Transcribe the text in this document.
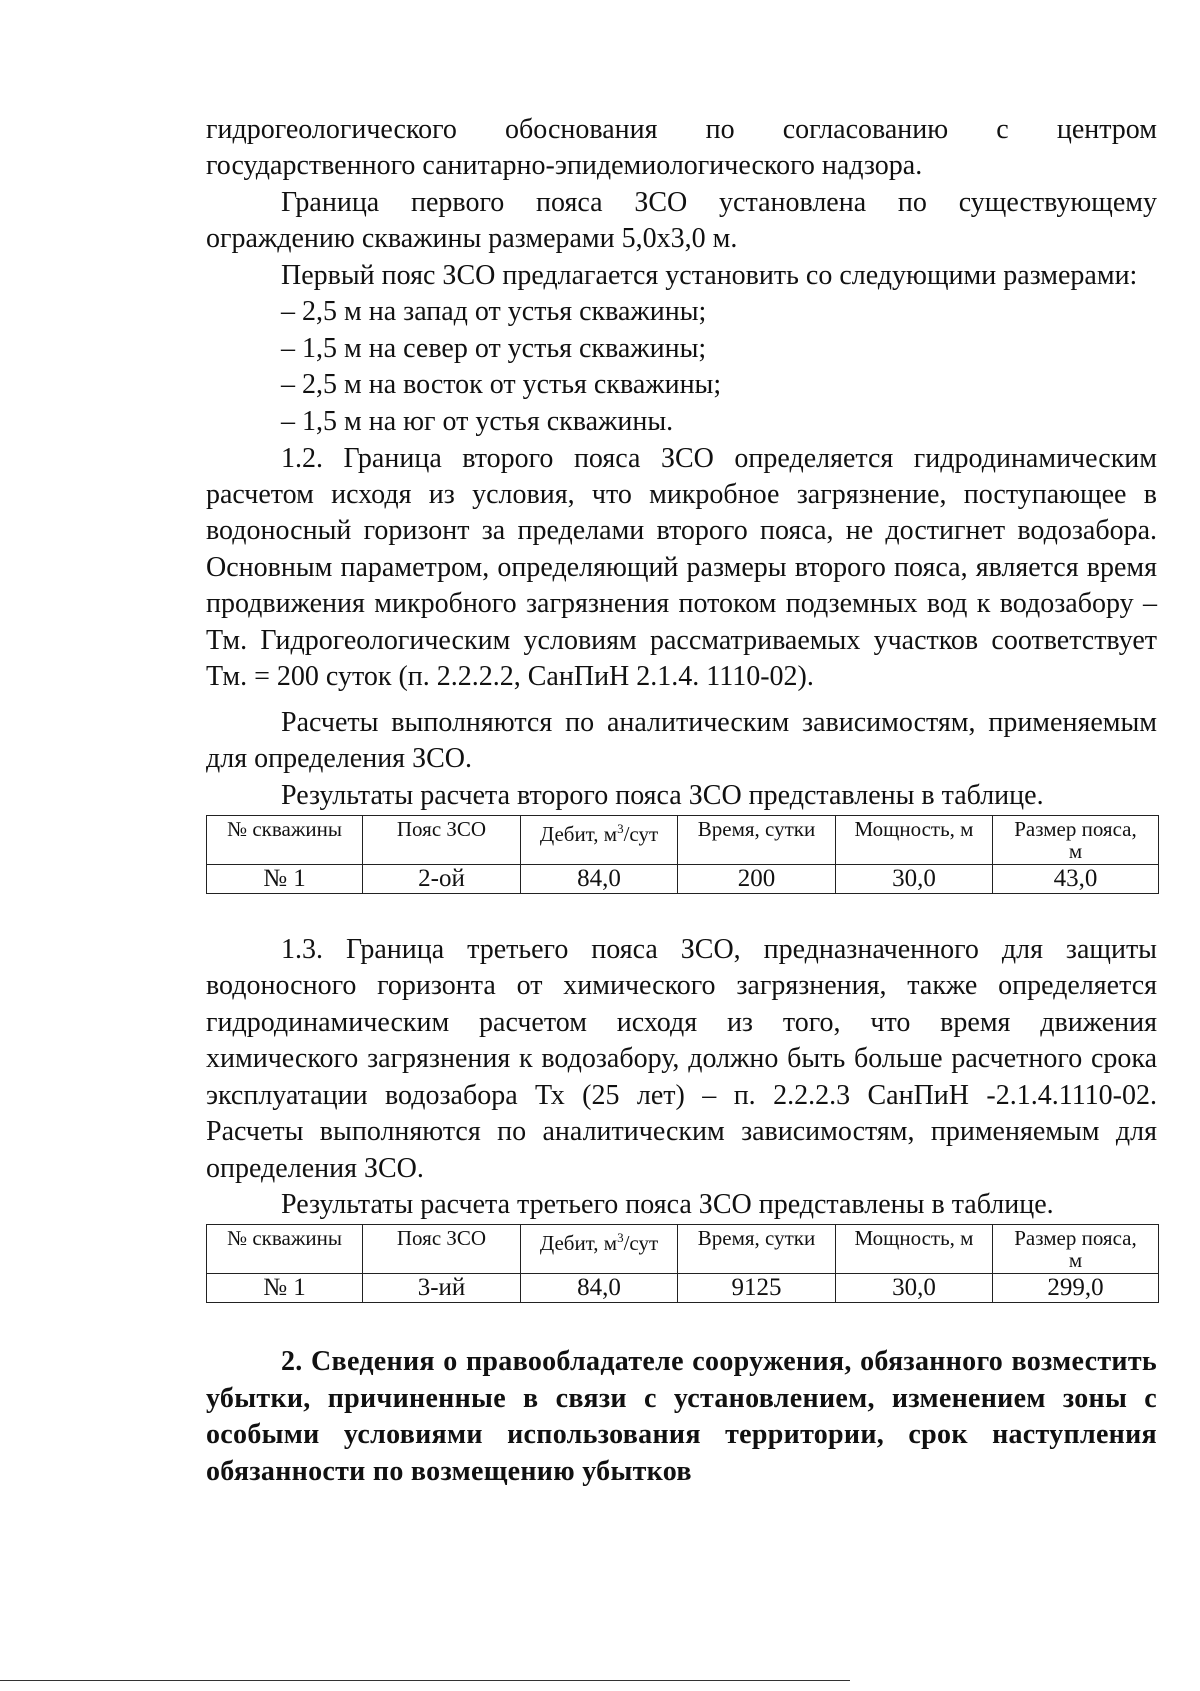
гидрогеологического обоснования по согласованию с центром
государственного санитарно-эпидемиологического надзора.
Граница первого пояса ЗСО установлена по существующему
ограждению скважины размерами 5,0х3,0 м.
Первый пояс ЗСО предлагается установить со следующими размерами:
– 2,5 м на запад от устья скважины;
– 1,5 м на север от устья скважины;
– 2,5 м на восток от устья скважины;
– 1,5 м на юг от устья скважины.
1.2. Граница второго пояса ЗСО определяется гидродинамическим
расчетом исходя из условия, что микробное загрязнение, поступающее в
водоносный горизонт за пределами второго пояса, не достигнет водозабора.
Основным параметром, определяющий размеры второго пояса, является время
продвижения микробного загрязнения потоком подземных вод к водозабору –
Тм. Гидрогеологическим условиям рассматриваемых участков соответствует
Тм. = 200 суток (п. 2.2.2.2, СанПиН 2.1.4. 1110-02).
Расчеты выполняются по аналитическим зависимостям, применяемым
для определения ЗСО.
Результаты расчета второго пояса ЗСО представлены в таблице.
№ скважины	Пояс ЗСО	Дебит, $м^3$/сут	Время, сутки	Мощность, м	Размер пояса,
м
№ 1	2-ой	84,0	200	30,0	43,0
1.3. Граница третьего пояса ЗСО, предназначенного для защиты
водоносного горизонта от химического загрязнения, также определяется
гидродинамическим расчетом исходя из того, что время движения
химического загрязнения к водозабору, должно быть больше расчетного срока
эксплуатации водозабора Тх (25 лет) – п. 2.2.2.3 СанПиН -2.1.4.1110-02.
Расчеты выполняются по аналитическим зависимостям, применяемым для
определения ЗСО.
Результаты расчета третьего пояса ЗСО представлены в таблице.
№ скважины	Пояс ЗСО	Дебит, $м^3$/сут	Время, сутки	Мощность, м	Размер пояса,
м
№ 1	3-ий	84,0	9125	30,0	299,0
2. Сведения о правообладателе сооружения, обязанного возместить
убытки, причиненные в связи с установлением, изменением зоны с
особыми условиями использования территории, срок наступления
обязанности по возмещению убытков
